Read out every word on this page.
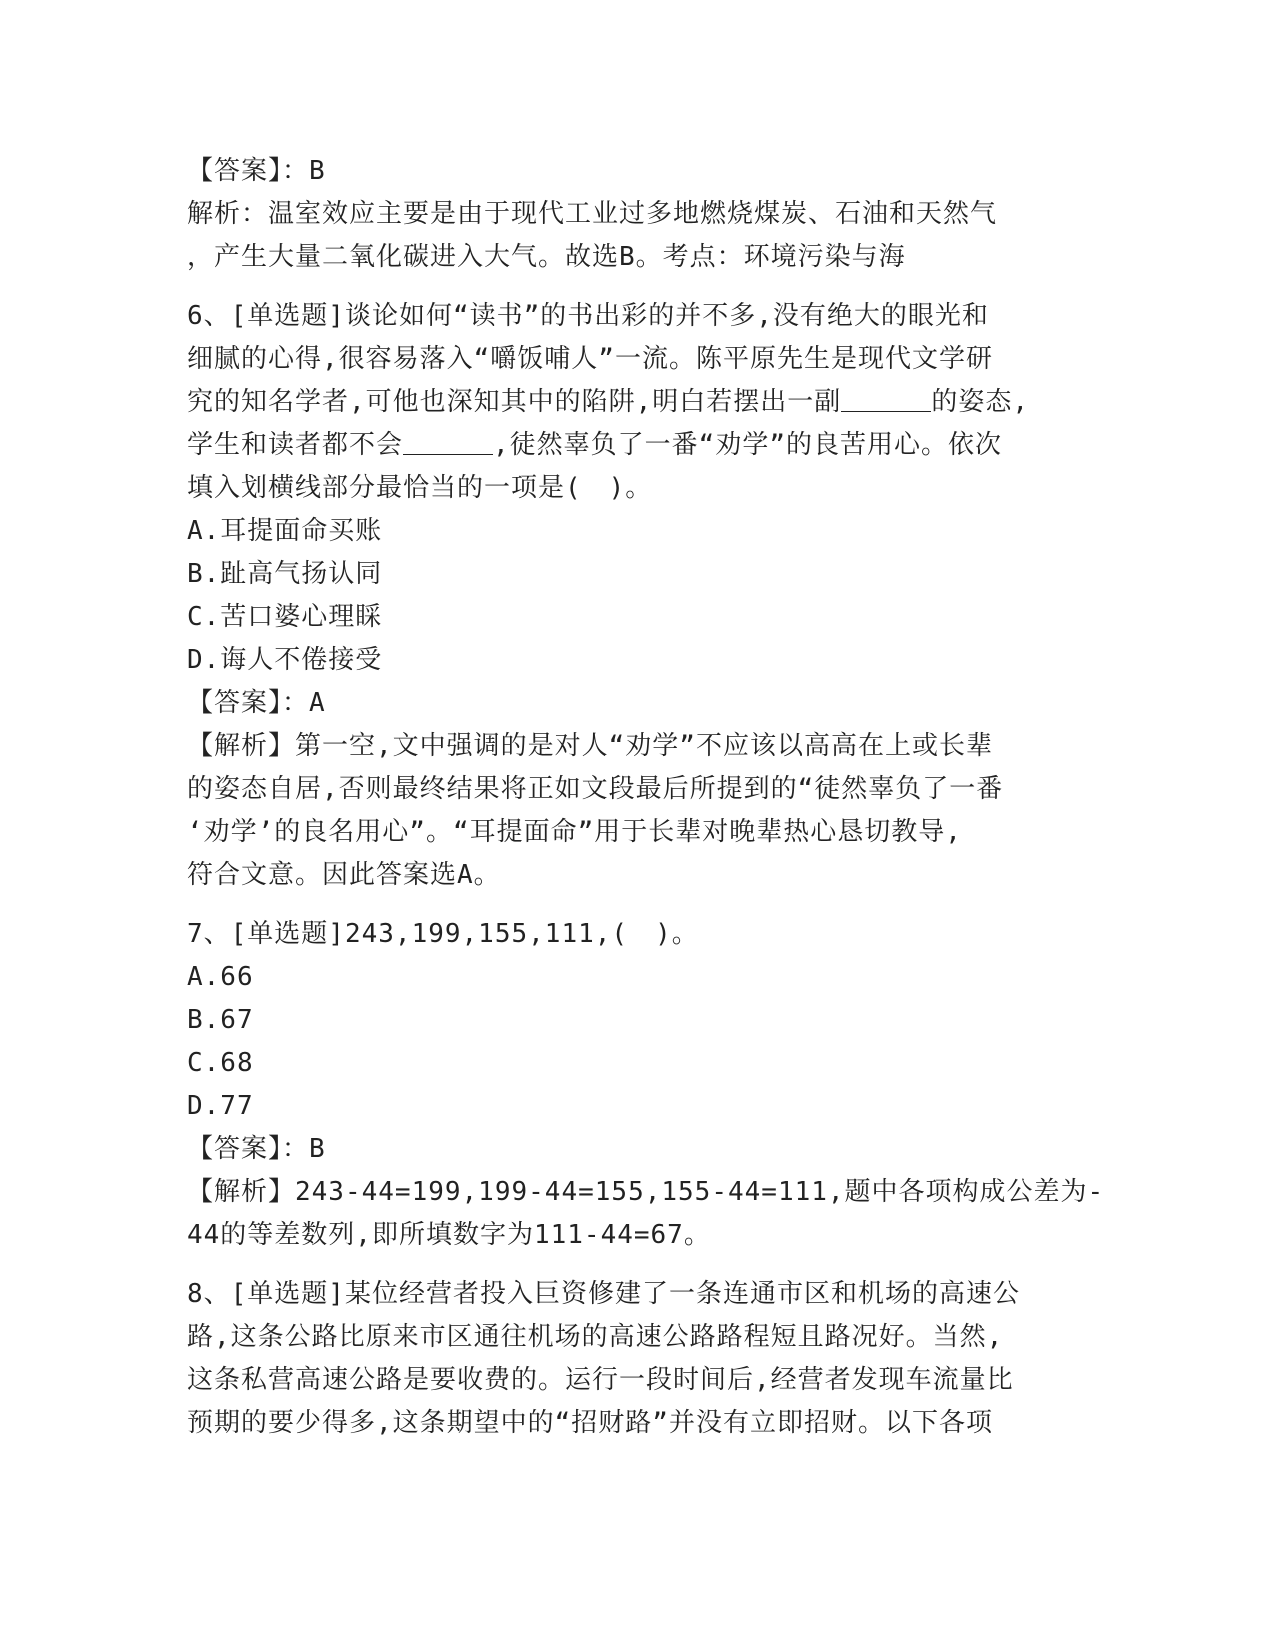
【答案】：B
解析：温室效应主要是由于现代工业过多地燃烧煤炭、石油和天然气
，产生大量二氧化碳进入大气。故选B。考点：环境污染与海
6、[单选题]谈论如何“读书”的书出彩的并不多,没有绝大的眼光和
细腻的心得,很容易落入“嚼饭哺人”一流。陈平原先生是现代文学研
究的知名学者,可他也深知其中的陷阱,明白若摆出一副	的姿态,
学生和读者都不会	,徒然辜负了一番“劝学”的良苦用心。依次
填入划横线部分最恰当的一项是(　)。
A.耳提面命买账
B.趾高气扬认同
C.苦口婆心理睬
D.诲人不倦接受
【答案】：A
【解析】第一空,文中强调的是对人“劝学”不应该以高高在上或长辈
的姿态自居,否则最终结果将正如文段最后所提到的“徒然辜负了一番
‘劝学’的良名用心”。“耳提面命”用于长辈对晚辈热心恳切教导,
符合文意。因此答案选A。
7、[单选题]243,199,155,111,(　)。
A.66
B.67
C.68
D.77
【答案】：B
【解析】243-44=199,199-44=155,155-44=111,题中各项构成公差为-
44的等差数列,即所填数字为111-44=67。
8、[单选题]某位经营者投入巨资修建了一条连通市区和机场的高速公
路,这条公路比原来市区通往机场的高速公路路程短且路况好。当然,
这条私营高速公路是要收费的。运行一段时间后,经营者发现车流量比
预期的要少得多,这条期望中的“招财路”并没有立即招财。以下各项
